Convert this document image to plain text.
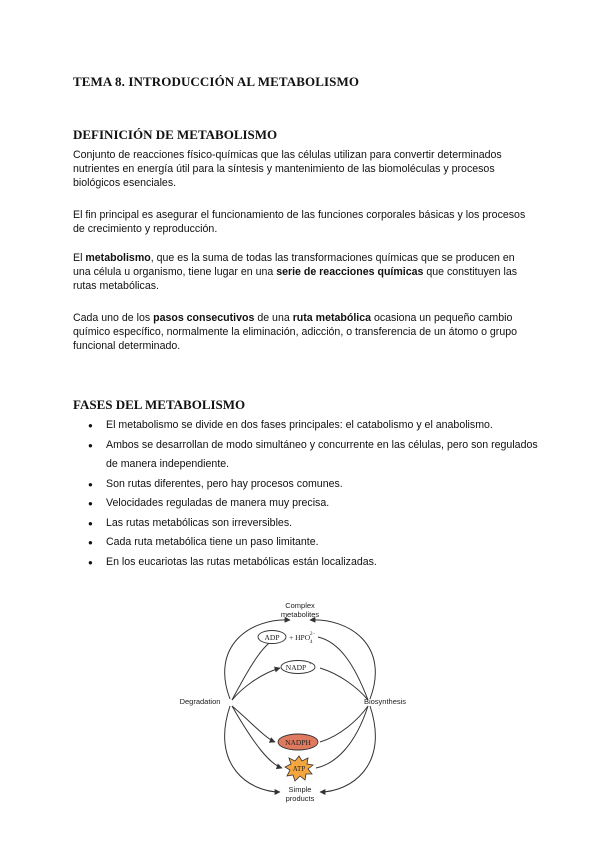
TEMA 8. INTRODUCCIÓN AL METABOLISMO
DEFINICIÓN DE METABOLISMO

Conjunto de reacciones físico-químicas que las células utilizan para convertir determinados nutrientes en energía útil para la síntesis y mantenimiento de las biomoléculas y procesos biológicos esenciales.

El fin principal es asegurar el funcionamiento de las funciones corporales básicas y los procesos de crecimiento y reproducción.

El metabolismo, que es la suma de todas las transformaciones químicas que se producen en una célula u organismo, tiene lugar en una serie de reacciones químicas que constituyen las rutas metabólicas.

Cada uno de los pasos consecutivos de una ruta metabólica ocasiona un pequeño cambio químico específico, normalmente la eliminación, adicción, o transferencia de un átomo o grupo funcional determinado.

FASES DEL METABOLISMO
● El metabolismo se divide en dos fases principales: el catabolismo y el anabolismo.
● Ambos se desarrollan de modo simultáneo y concurrente en las células, pero son regulados de manera independiente.
● Son rutas diferentes, pero hay procesos comunes.
● Velocidades reguladas de manera muy precisa.
● Las rutas metabólicas son irreversibles.
● Cada ruta metabólica tiene un paso limitante.
● En los eucariotas las rutas metabólicas están localizadas.
Complex
metabolites
ADP + HPO 2−
4
NADP +
Degradation	Biosynthesis
NADPH
ATP
Simple
products
